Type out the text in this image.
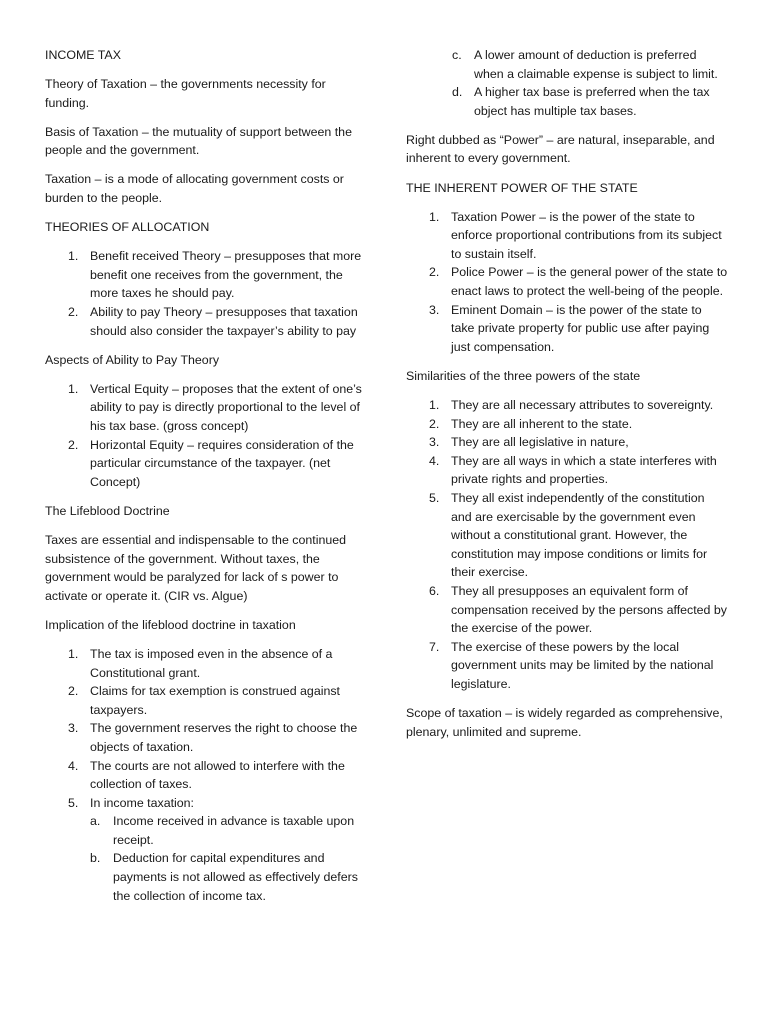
INCOME TAX

Theory of Taxation – the governments necessity for funding.

Basis of Taxation – the mutuality of support between the people and the government.

Taxation – is a mode of allocating government costs or burden to the people.

THEORIES OF ALLOCATION

1. Benefit received Theory – presupposes that more benefit one receives from the government, the more taxes he should pay.
2. Ability to pay Theory – presupposes that taxation should also consider the taxpayer’s ability to pay

Aspects of Ability to Pay Theory

1. Vertical Equity – proposes that the extent of one’s ability to pay is directly proportional to the level of his tax base. (gross concept)
2. Horizontal Equity – requires consideration of the particular circumstance of the taxpayer. (net Concept)

The Lifeblood Doctrine

Taxes are essential and indispensable to the continued subsistence of the government. Without taxes, the government would be paralyzed for lack of s power to activate or operate it. (CIR vs. Algue)

Implication of the lifeblood doctrine in taxation

1. The tax is imposed even in the absence of a Constitutional grant.
2. Claims for tax exemption is construed against taxpayers.
3. The government reserves the right to choose the objects of taxation.
4. The courts are not allowed to interfere with the collection of taxes.
5. In income taxation:
a. Income received in advance is taxable upon receipt.
b. Deduction for capital expenditures and payments is not allowed as effectively defers the collection of income tax.
c. A lower amount of deduction is preferred when a claimable expense is subject to limit.
d. A higher tax base is preferred when the tax object has multiple tax bases.

Right dubbed as “Power” – are natural, inseparable, and inherent to every government.

THE INHERENT POWER OF THE STATE

1. Taxation Power – is the power of the state to enforce proportional contributions from its subject to sustain itself.
2. Police Power – is the general power of the state to enact laws to protect the well-being of the people.
3. Eminent Domain – is the power of the state to take private property for public use after paying just compensation.

Similarities of the three powers of the state

1. They are all necessary attributes to sovereignty.
2. They are all inherent to the state.
3. They are all legislative in nature,
4. They are all ways in which a state interferes with private rights and properties.
5. They all exist independently of the constitution and are exercisable by the government even without a constitutional grant. However, the constitution may impose conditions or limits for their exercise.
6. They all presupposes an equivalent form of compensation received by the persons affected by the exercise of the power.
7. The exercise of these powers by the local government units may be limited by the national legislature.

Scope of taxation – is widely regarded as comprehensive, plenary, unlimited and supreme.
